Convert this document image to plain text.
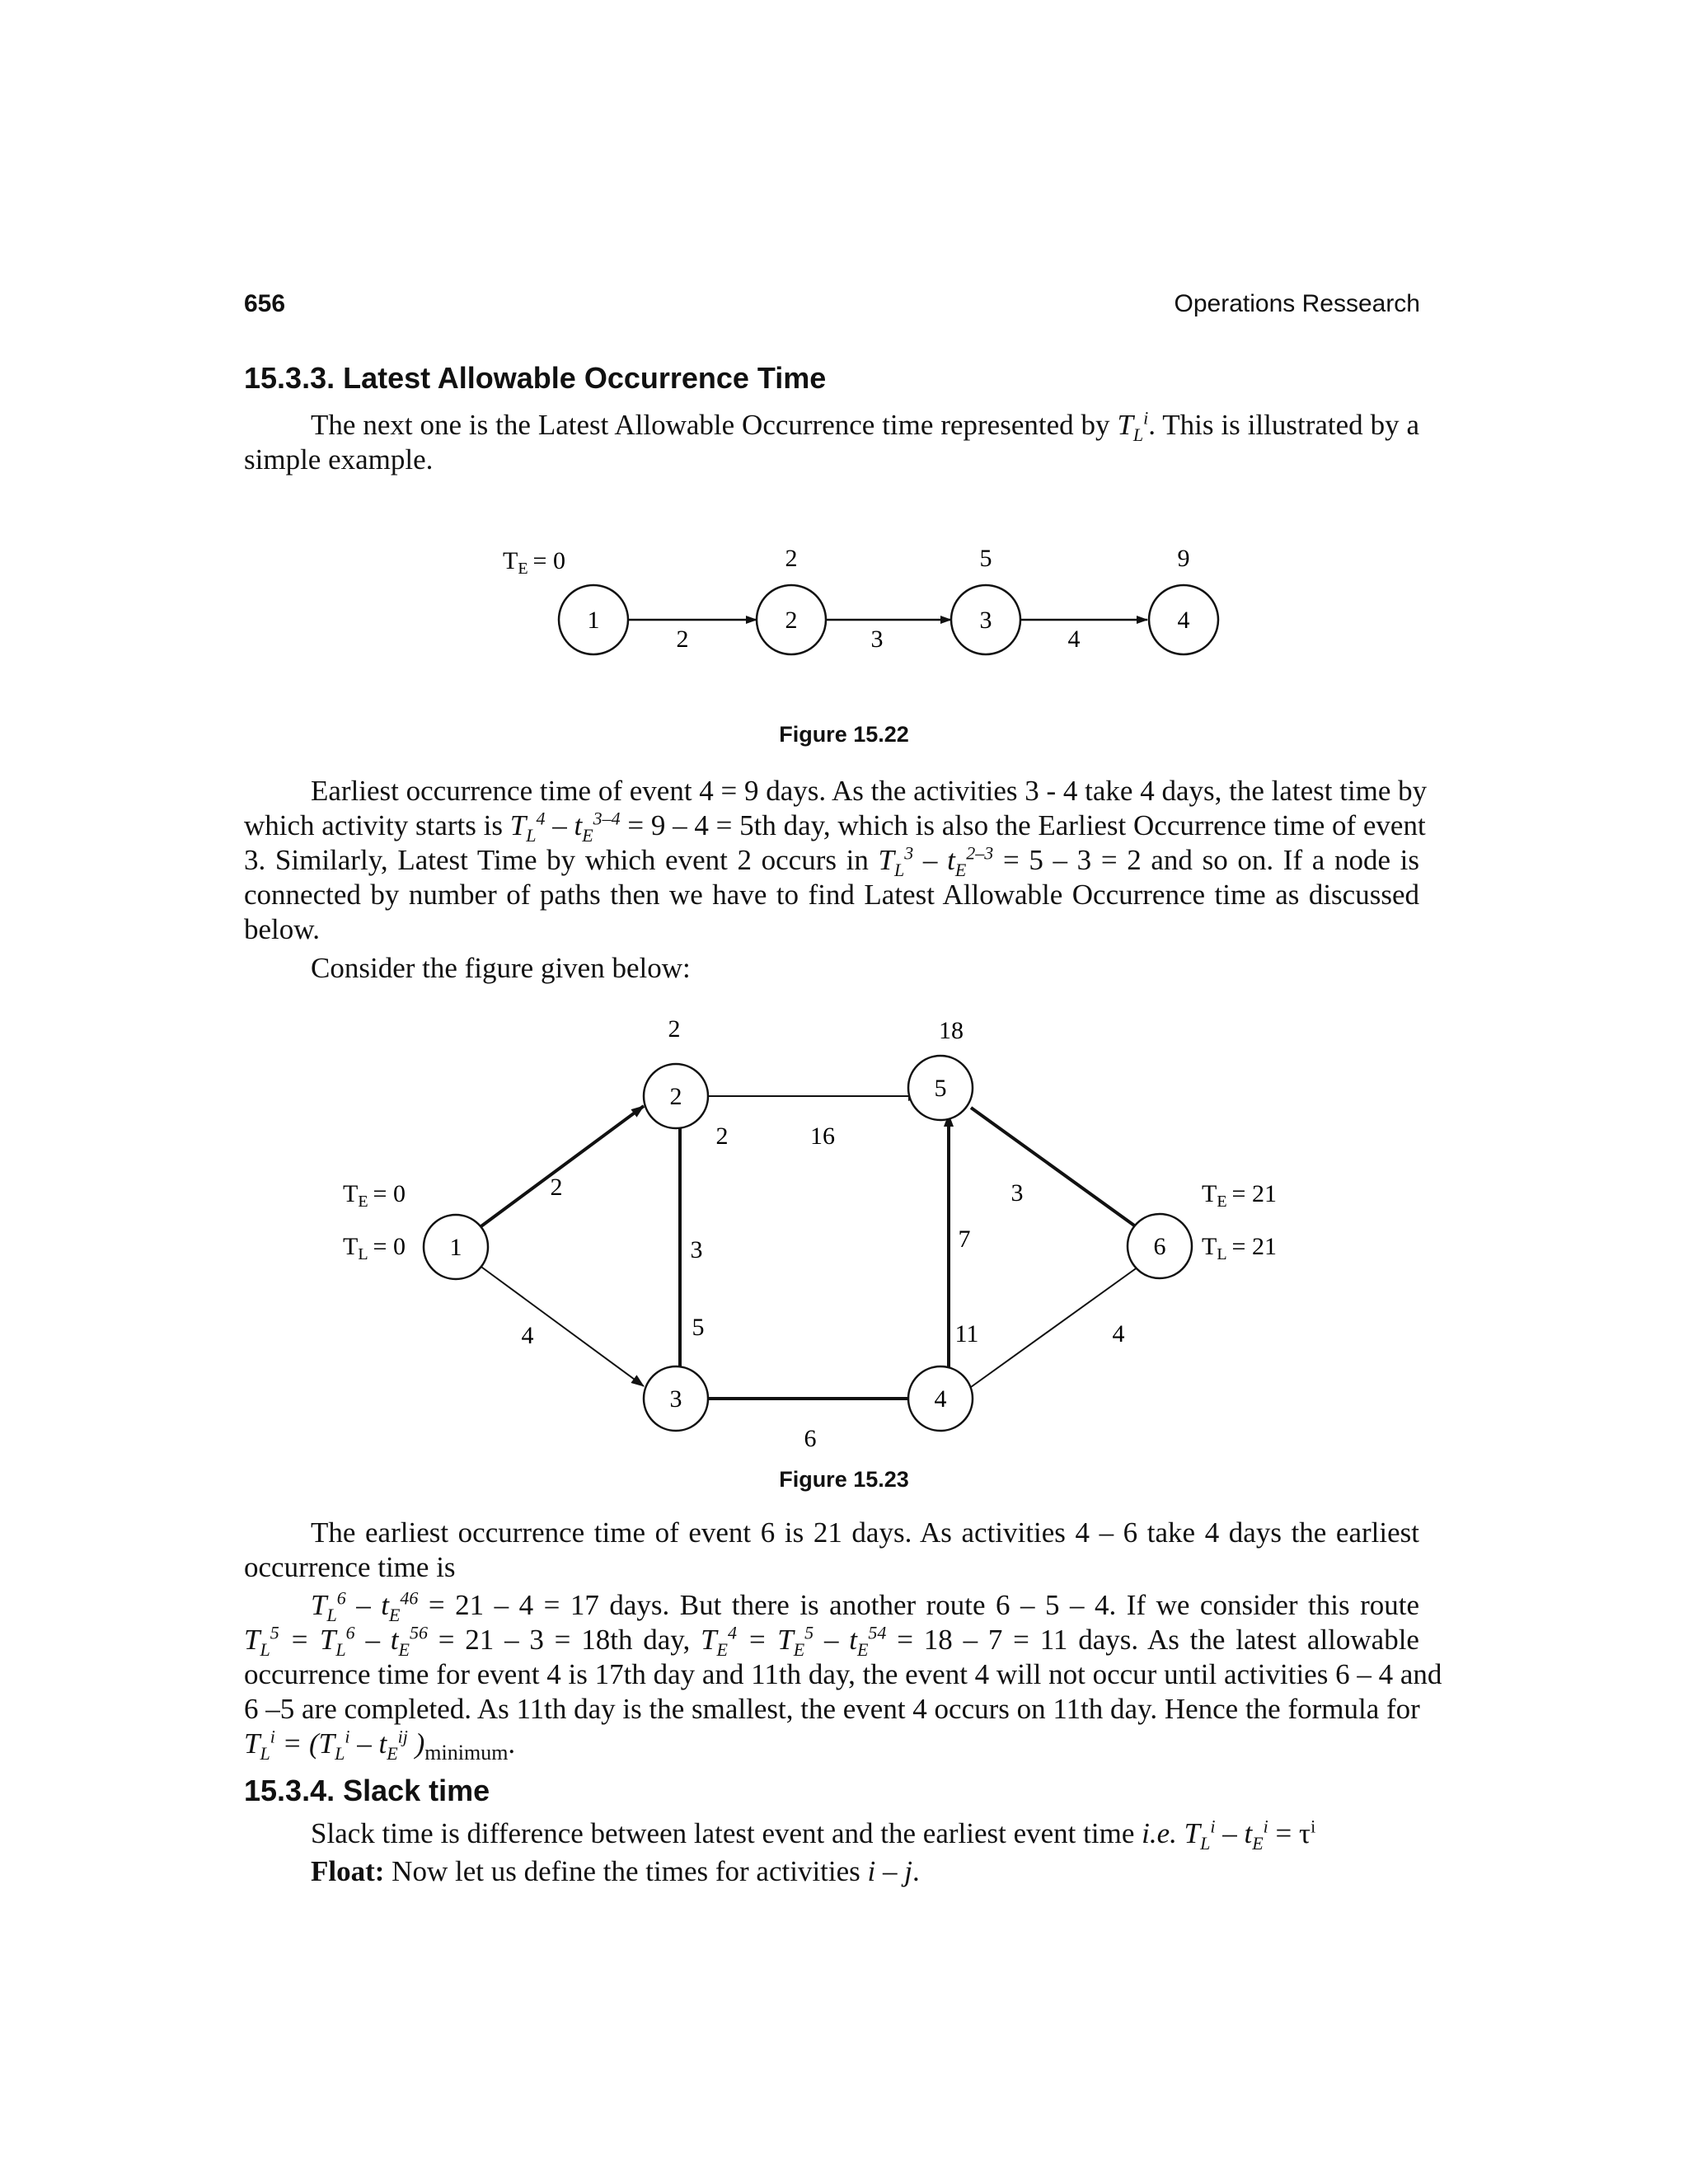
656	Operations Ressearch
15.3.3. Latest Allowable Occurrence Time
The next one is the Latest Allowable Occurrence time represented by $T_L^i$. This is illustrated by a simple example.
$T_E = 0$
1	2	3	4
2	5	9
2	3	4
Figure 15.22
Earliest occurrence time of event 4 = 9 days. As the activities 3 - 4 take 4 days, the latest time by
which activity starts is $T_L^4 - t_E^{3-4} = 9 - 4 = 5th$ day, which is also the Earliest Occurrence time of event
3. Similarly, Latest Time by which event 2 occurs in $T_L^3 - t_E^{2-3} = 5 - 3 = 2$ and so on. If a node is
connected by number of paths then we have to find Latest Allowable Occurrence time as discussed
below.
Consider the figure given below:
1
2
3	4
5
6
2	18
5	11
2
4
3
16
2
6
7
3
4
$T_E = 0$
$T_L = 0$
$T_E = 21$
$T_L = 21$
Figure 15.23
The earliest occurrence time of event 6 is 21 days. As activities 4 – 6 take 4 days the earliest
occurrence time is
$T_L^6 - t_E^{46} = 21 - 4 = 17$ days. But there is another route 6 – 5 – 4. If we consider this route
$T_L^5 = T_L^6 - t_E^{56} = 21 - 3 = 18th$ day, $T_E^4 = T_E^5 - t_E^{54} = 18 - 7 = 11$ days. As the latest allowable
occurrence time for event 4 is 17th day and 11th day, the event 4 will not occur until activities 6 – 4 and
6 –5 are completed. As 11th day is the smallest, the event 4 occurs on 11th day. Hence the formula for
$T_L^i = (T_L^i - t_E^{ij}$ )$_{minimum}$.
15.3.4. Slack time
Slack time is difference between latest event and the earliest event time i.e. $T_L^i - t_E^i = \tau^i$
Float: Now let us define the times for activities i – j.
